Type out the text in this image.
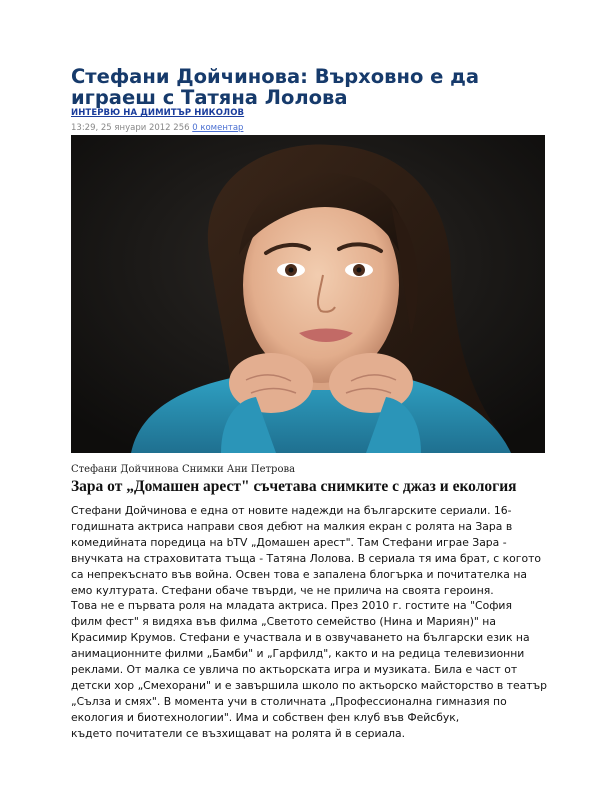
Стефани Дойчинова: Върховно е да играеш с Татяна Лолова

ИНТЕРВЮ НА ДИМИТЪР НИКОЛОВ

13:29, 25 януари 2012 256 0 коментар

Стефани Дойчинова Снимки Ани Петрова

Зара от „Домашен арест" съчетава снимките с джаз и екология
Стефани Дойчинова е една от новите надежди на българските сериали. 16-
годишната актриса направи своя дебют на малкия екран с ролята на Зара в
комедийната поредица на bTV „Домашен арест". Там Стефани играе Зара -
внучката на страховитата тъща - Татяна Лолова. В сериала тя има брат, с когото
са непрекъснато във война. Освен това е запалена блогърка и почитателка на
емо културата. Стефани обаче твърди, че не прилича на своята героиня.
Това не е първата роля на младата актриса. През 2010 г. гостите на "София
филм фест" я видяха във филма „Светото семейство (Нина и Мариян)" на
Красимир Крумов. Стефани е участвала и в озвучаването на български език на
анимационните филми „Бамби" и „Гарфилд", както и на редица телевизионни
реклами. От малка се увлича по актьорската игра и музиката. Била е част от
детски хор „Смехорани" и е завършила школо по актьорско майсторство в театър
„Сълза и смях". В момента учи в столичната „Профессионална гимназия по
екология и биотехнологии". Има и собствен фен клуб във Фейсбук,
където почитатели се възхищават на ролята й в сериала.
